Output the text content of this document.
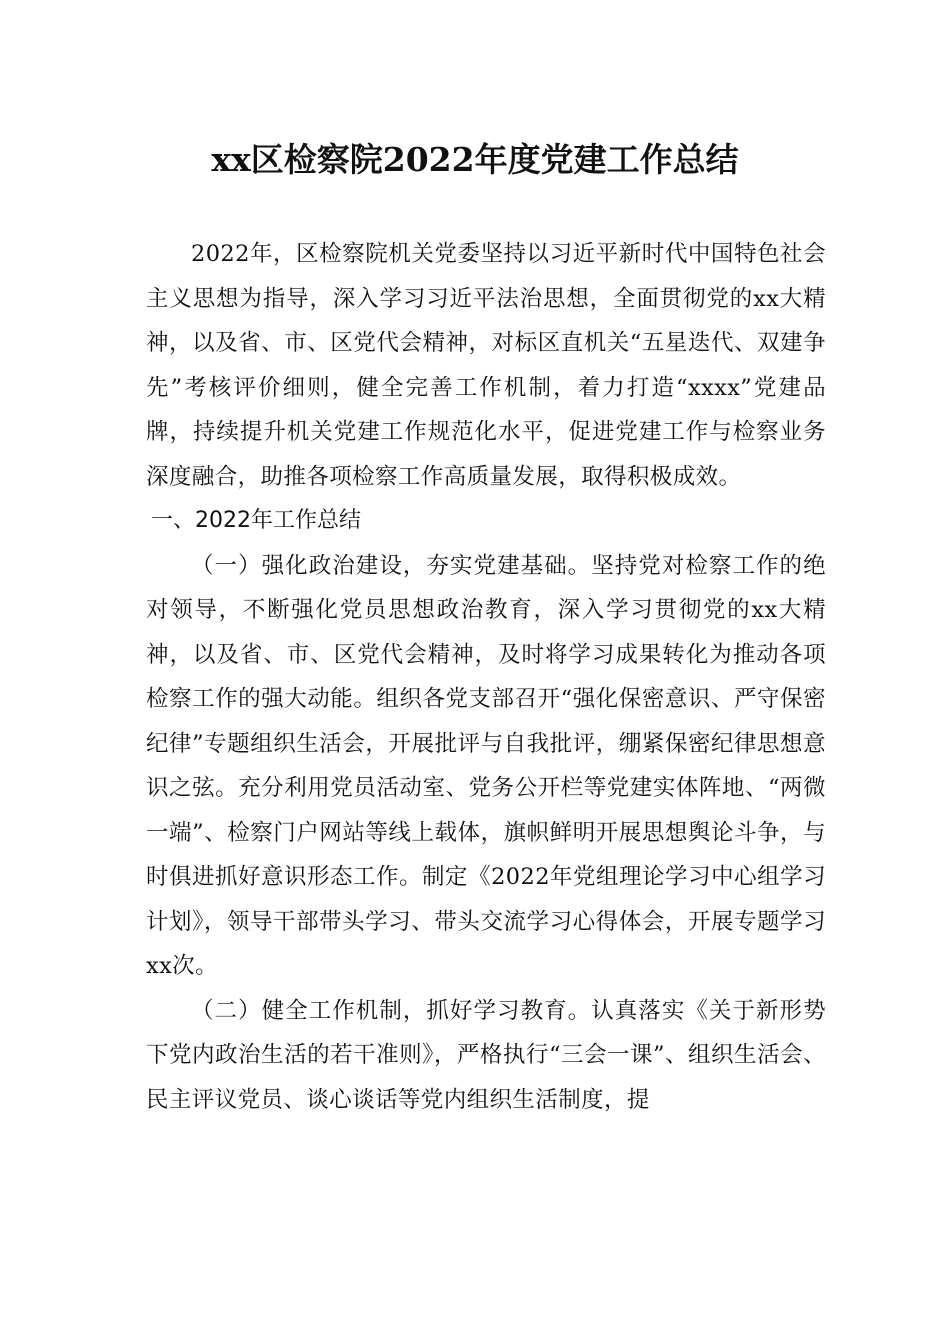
xx区检察院2022年度党建工作总结

2022年，区检察院机关党委坚持以习近平新时代中国特色社会主义思想为指导，深入学习习近平法治思想，全面贯彻党的xx大精神，以及省、市、区党代会精神，对标区直机关“五星迭代、双建争先”考核评价细则，健全完善工作机制，着力打造“xxxx”党建品牌，持续提升机关党建工作规范化水平，促进党建工作与检察业务深度融合，助推各项检察工作高质量发展，取得积极成效。

一、2022年工作总结

（一）强化政治建设，夯实党建基础。坚持党对检察工作的绝对领导，不断强化党员思想政治教育，深入学习贯彻党的xx大精神，以及省、市、区党代会精神，及时将学习成果转化为推动各项检察工作的强大动能。组织各党支部召开“强化保密意识、严守保密纪律”专题组织生活会，开展批评与自我批评，绷紧保密纪律思想意识之弦。充分利用党员活动室、党务公开栏等党建实体阵地、“两微一端”、检察门户网站等线上载体，旗帜鲜明开展思想舆论斗争，与时俱进抓好意识形态工作。制定《2022年党组理论学习中心组学习计划》，领导干部带头学习、带头交流学习心得体会，开展专题学习xx次。

（二）健全工作机制，抓好学习教育。认真落实《关于新形势下党内政治生活的若干准则》，严格执行“三会一课”、组织生活会、民主评议党员、谈心谈话等党内组织生活制度，提
